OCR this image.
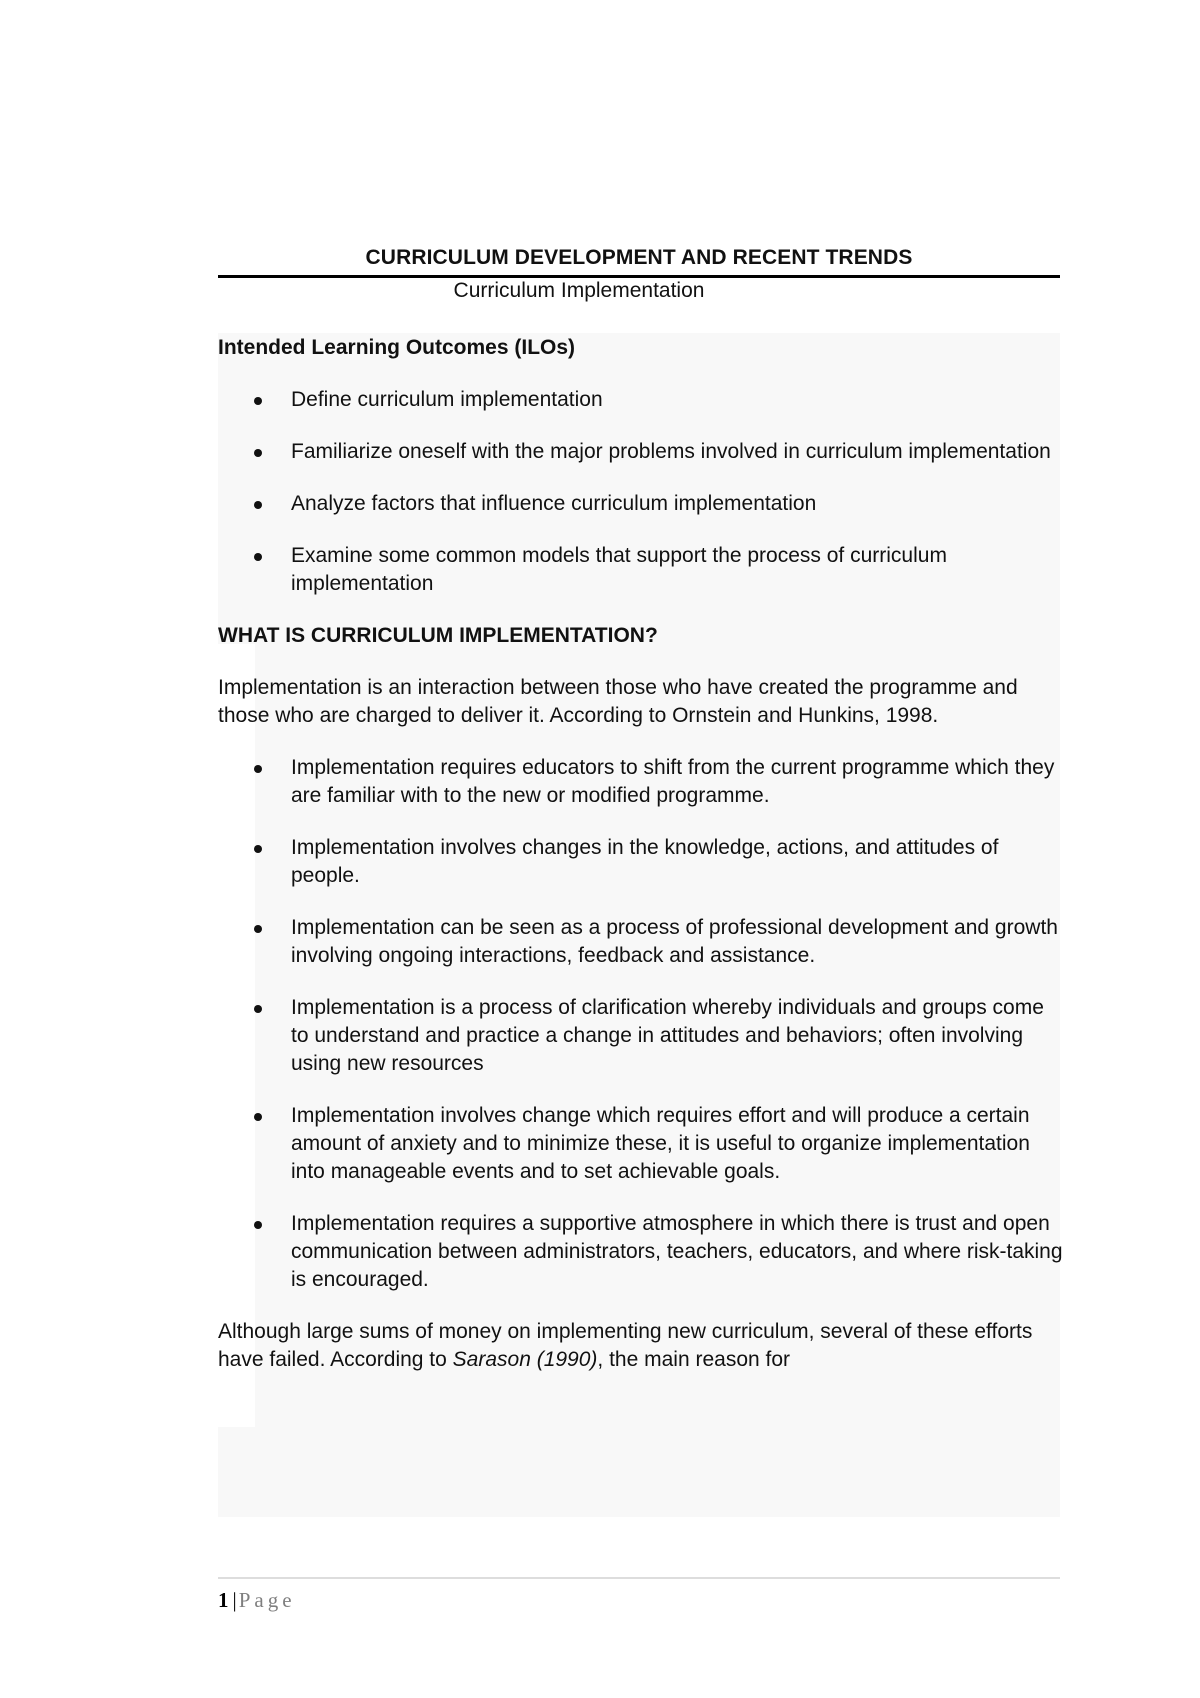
CURRICULUM DEVELOPMENT AND RECENT TRENDS
Curriculum Implementation
Intended Learning Outcomes (ILOs)
Define curriculum implementation
Familiarize oneself with the major problems involved in curriculum implementation
Analyze factors that influence curriculum implementation
Examine some common models that support the process of curriculum implementation
WHAT IS CURRICULUM IMPLEMENTATION?

Implementation is an interaction between those who have created the programme and those who are charged to deliver it. According to Ornstein and Hunkins, 1998.

Implementation requires educators to shift from the current programme which they are familiar with to the new or modified programme.
Implementation involves changes in the knowledge, actions, and attitudes of people.
Implementation can be seen as a process of professional development and growth involving ongoing interactions, feedback and assistance.
Implementation is a process of clarification whereby individuals and groups come to understand and practice a change in attitudes and behaviors; often involving using new resources
Implementation involves change which requires effort and will produce a certain amount of anxiety and to minimize these, it is useful to organize implementation into manageable events and to set achievable goals.
Implementation requires a supportive atmosphere in which there is trust and open communication between administrators, teachers, educators, and where risk-taking is encouraged.

Although large sums of money on implementing new curriculum, several of these efforts have failed. According to Sarason (1990), the main reason for

1 |Page
